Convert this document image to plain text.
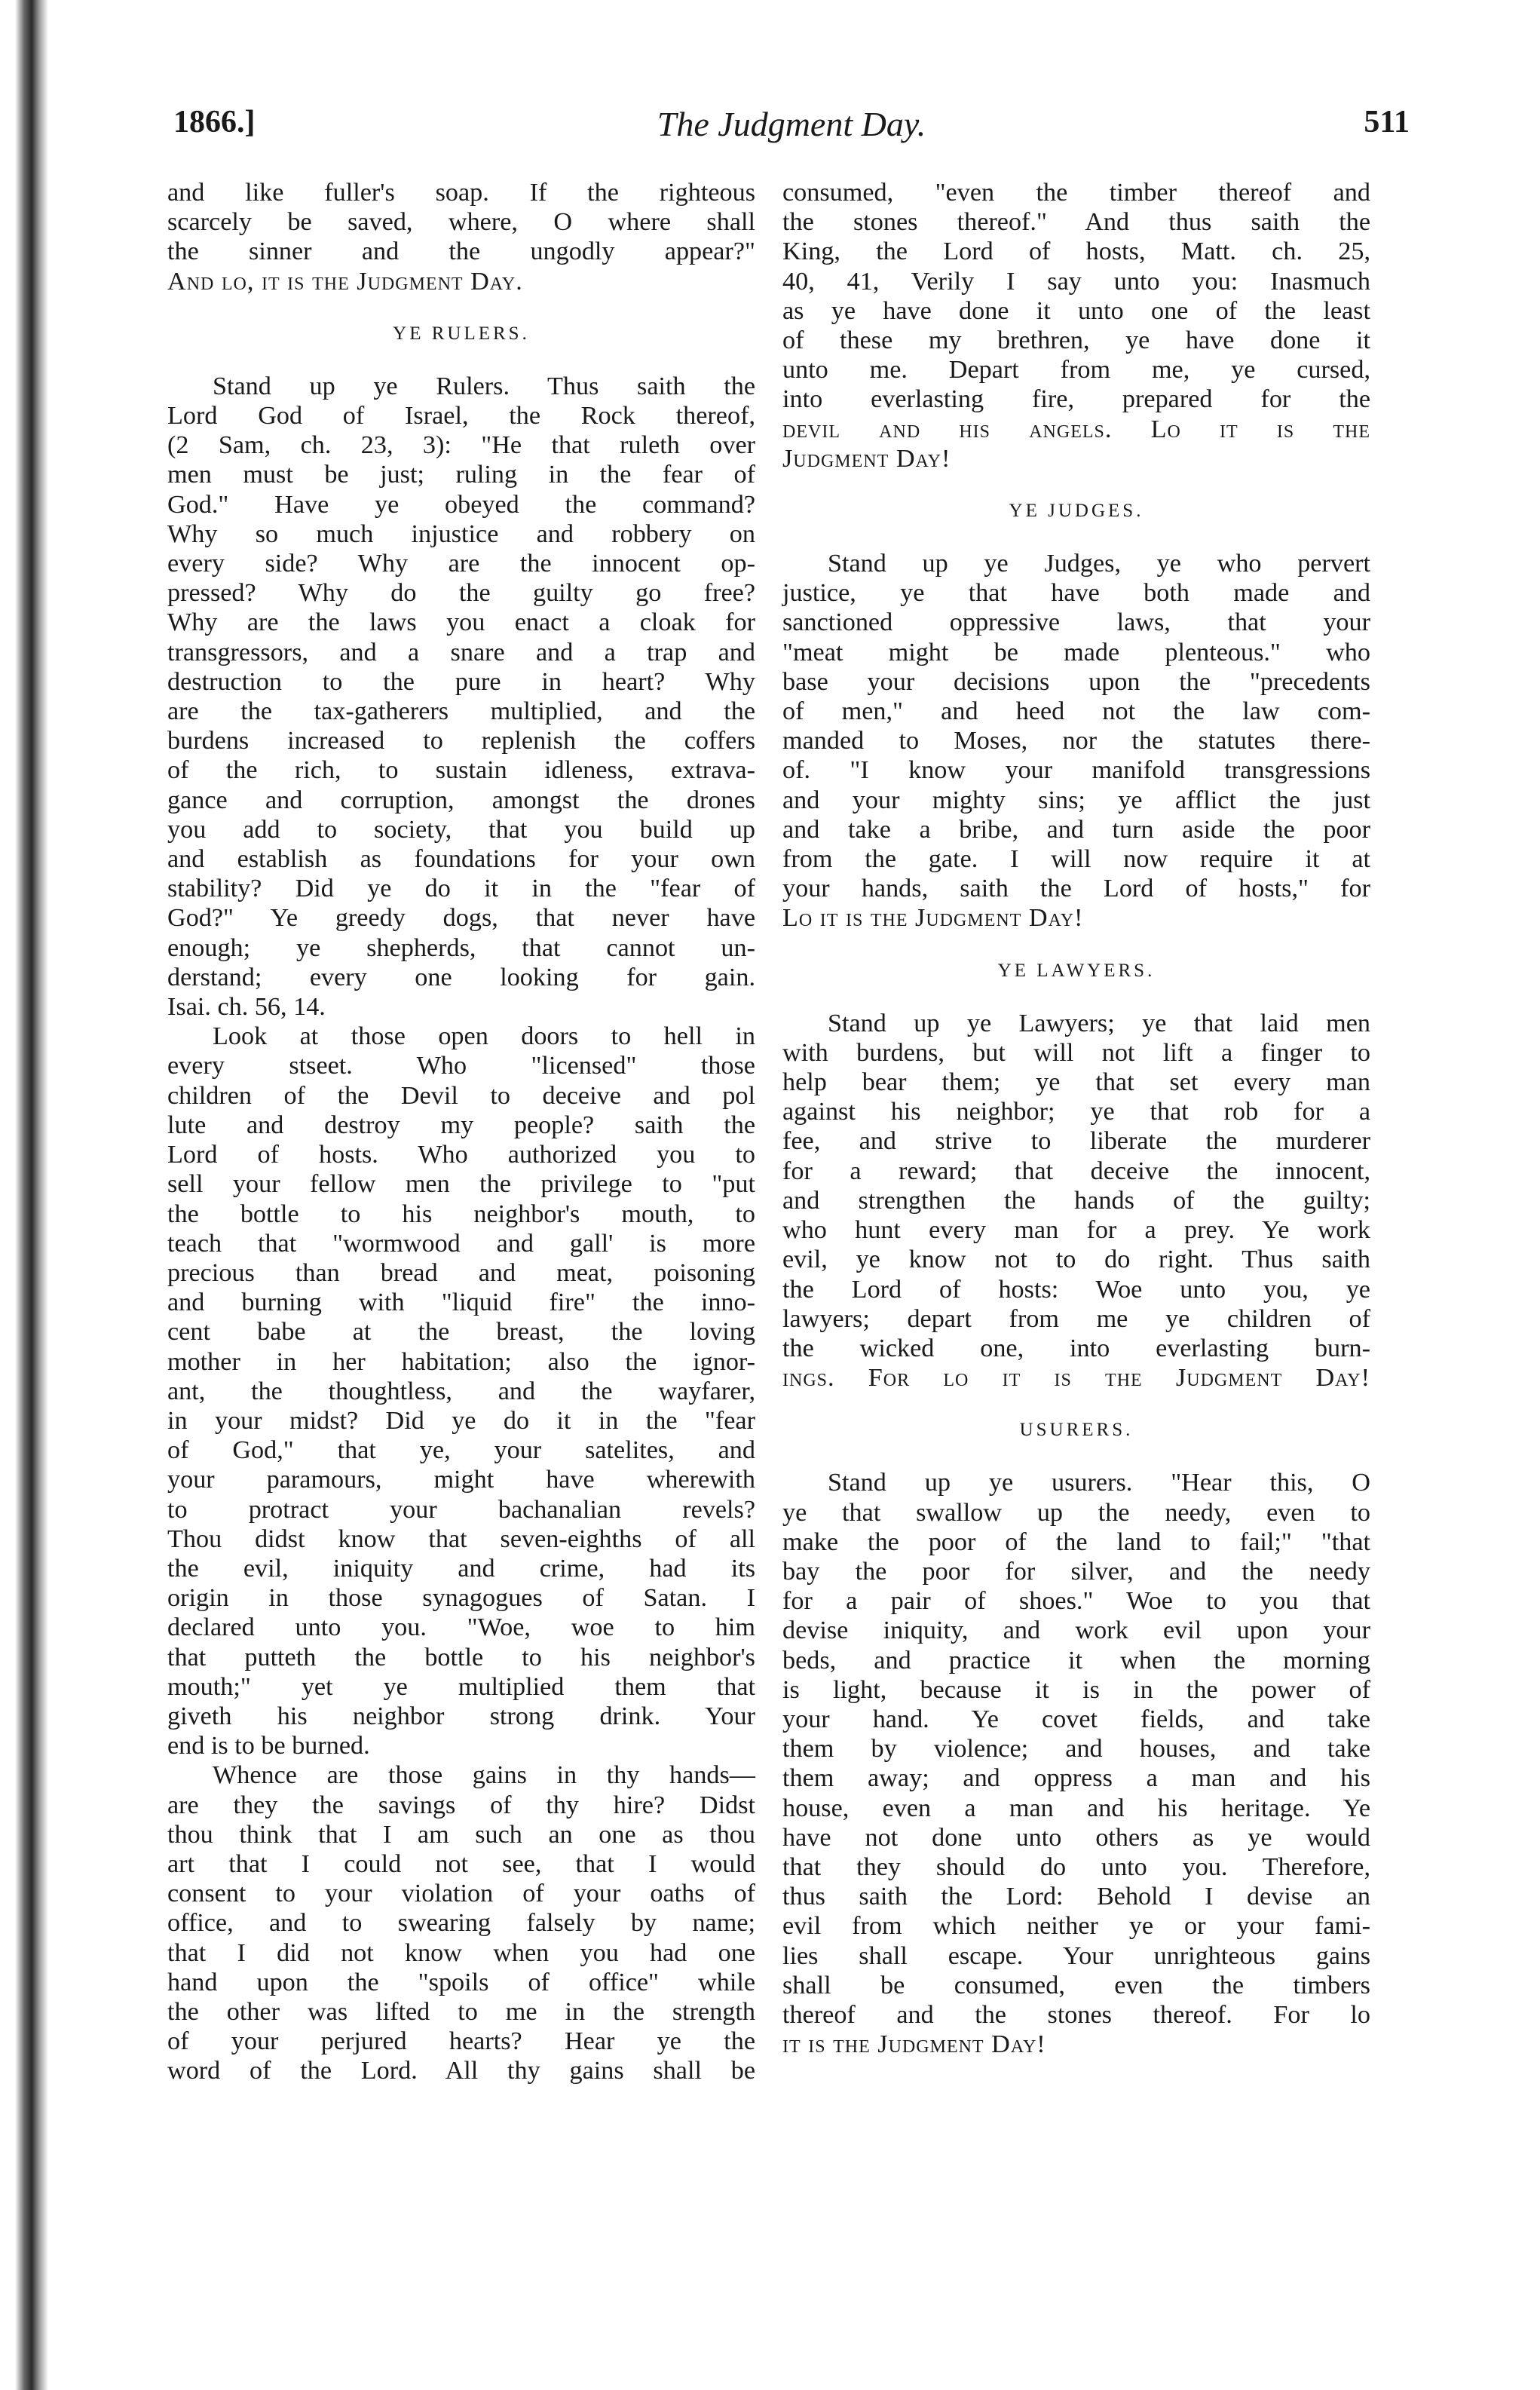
1866.]	The Judgment Day.	511
and like fuller's soap. If the righteous
scarcely be saved, where, O where shall
the sinner and the ungodly appear?"
And lo, it is the Judgment Day.
YE RULERS.
Stand up ye Rulers. Thus saith the
Lord God of Israel, the Rock thereof,
(2 Sam, ch. 23, 3): "He that ruleth over
men must be just; ruling in the fear of
God." Have ye obeyed the command?
Why so much injustice and robbery on
every side? Why are the innocent op-
pressed? Why do the guilty go free?
Why are the laws you enact a cloak for
transgressors, and a snare and a trap and
destruction to the pure in heart? Why
are the tax-gatherers multiplied, and the
burdens increased to replenish the coffers
of the rich, to sustain idleness, extrava-
gance and corruption, amongst the drones
you add to society, that you build up
and establish as foundations for your own
stability? Did ye do it in the "fear of
God?" Ye greedy dogs, that never have
enough; ye shepherds, that cannot un-
derstand; every one looking for gain.
Isai. ch. 56, 14.
Look at those open doors to hell in
every stseet. Who "licensed" those
children of the Devil to deceive and pol
lute and destroy my people? saith the
Lord of hosts. Who authorized you to
sell your fellow men the privilege to "put
the bottle to his neighbor's mouth, to
teach that "wormwood and gall' is more
precious than bread and meat, poisoning
and burning with "liquid fire" the inno-
cent babe at the breast, the loving
mother in her habitation; also the ignor-
ant, the thoughtless, and the wayfarer,
in your midst? Did ye do it in the "fear
of God," that ye, your satelites, and
your paramours, might have wherewith
to protract your bachanalian revels?
Thou didst know that seven-eighths of all
the evil, iniquity and crime, had its
origin in those synagogues of Satan. I
declared unto you. "Woe, woe to him
that putteth the bottle to his neighbor's
mouth;" yet ye multiplied them that
giveth his neighbor strong drink. Your
end is to be burned.
Whence are those gains in thy hands—
are they the savings of thy hire? Didst
thou think that I am such an one as thou
art that I could not see, that I would
consent to your violation of your oaths of
office, and to swearing falsely by name;
that I did not know when you had one
hand upon the "spoils of office" while
the other was lifted to me in the strength
of your perjured hearts? Hear ye the
word of the Lord. All thy gains shall be
consumed, "even the timber thereof and
the stones thereof." And thus saith the
King, the Lord of hosts, Matt. ch. 25,
40, 41, Verily I say unto you: Inasmuch
as ye have done it unto one of the least
of these my brethren, ye have done it
unto me. Depart from me, ye cursed,
into everlasting fire, prepared for the
devil and his angels. Lo it is the
Judgment Day!
YE JUDGES.
Stand up ye Judges, ye who pervert
justice, ye that have both made and
sanctioned oppressive laws, that your
"meat might be made plenteous." who
base your decisions upon the "precedents
of men," and heed not the law com-
manded to Moses, nor the statutes there-
of. "I know your manifold transgressions
and your mighty sins; ye afflict the just
and take a bribe, and turn aside the poor
from the gate. I will now require it at
your hands, saith the Lord of hosts," for
Lo it is the Judgment Day!
YE LAWYERS.
Stand up ye Lawyers; ye that laid men
with burdens, but will not lift a finger to
help bear them; ye that set every man
against his neighbor; ye that rob for a
fee, and strive to liberate the murderer
for a reward; that deceive the innocent,
and strengthen the hands of the guilty;
who hunt every man for a prey. Ye work
evil, ye know not to do right. Thus saith
the Lord of hosts: Woe unto you, ye
lawyers; depart from me ye children of
the wicked one, into everlasting burn-
ings. For lo it is the Judgment Day!
USURERS.
Stand up ye usurers. "Hear this, O
ye that swallow up the needy, even to
make the poor of the land to fail;" "that
bay the poor for silver, and the needy
for a pair of shoes." Woe to you that
devise iniquity, and work evil upon your
beds, and practice it when the morning
is light, because it is in the power of
your hand. Ye covet fields, and take
them by violence; and houses, and take
them away; and oppress a man and his
house, even a man and his heritage. Ye
have not done unto others as ye would
that they should do unto you. Therefore,
thus saith the Lord: Behold I devise an
evil from which neither ye or your fami-
lies shall escape. Your unrighteous gains
shall be consumed, even the timbers
thereof and the stones thereof. For lo
it is the Judgment Day!
